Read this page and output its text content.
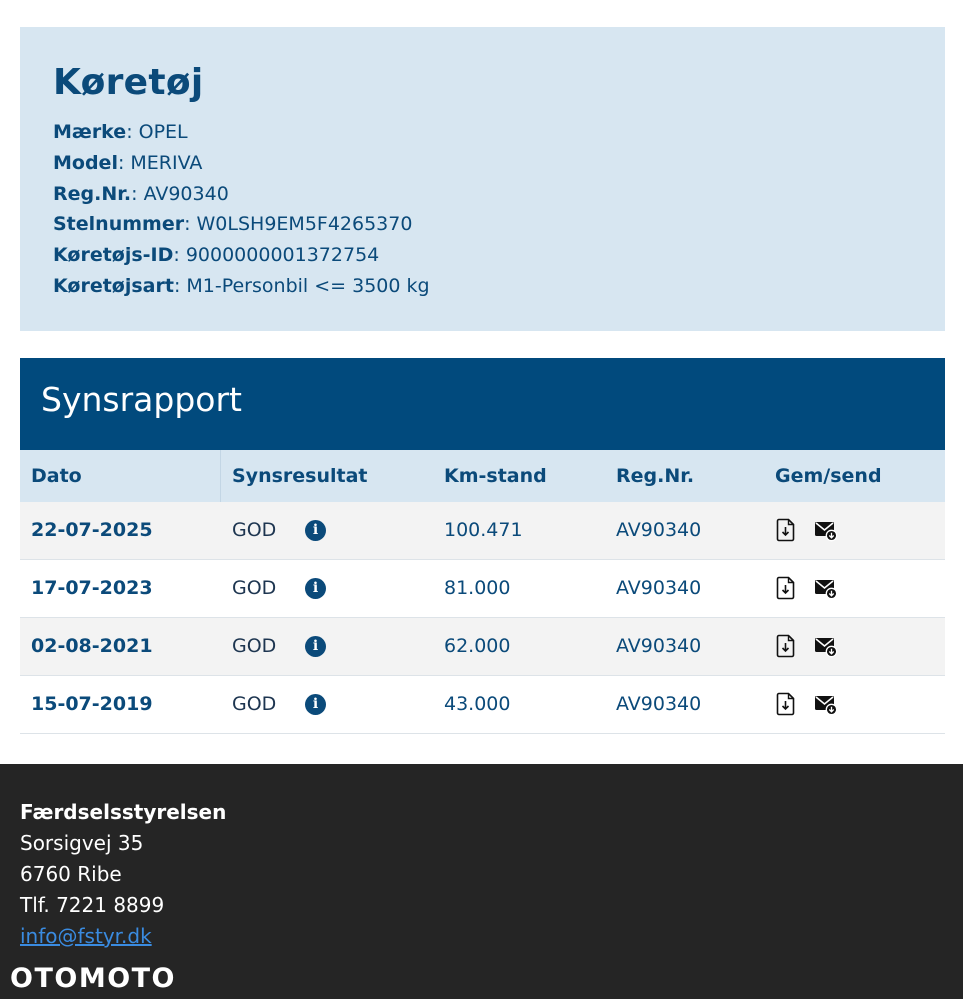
Køretøj
Mærke: OPEL
Model: MERIVA
Reg.Nr.: AV90340
Stelnummer: W0LSH9EM5F4265370
Køretøjs-ID: 9000000001372754
Køretøjsart: M1-Personbil <= 3500 kg
Synsrapport
Dato	Synsresultat	Km-stand	Reg.Nr.	Gem/send
22-07-2025	GOD	i	100.471	AV90340
17-07-2023	GOD	i	81.000	AV90340
02-08-2021	GOD	i	62.000	AV90340
15-07-2019	GOD	i	43.000	AV90340
Færdselsstyrelsen
Sorsigvej 35
6760 Ribe
Tlf. 7221 8899
info@fstyr.dk
OTOMOTO
